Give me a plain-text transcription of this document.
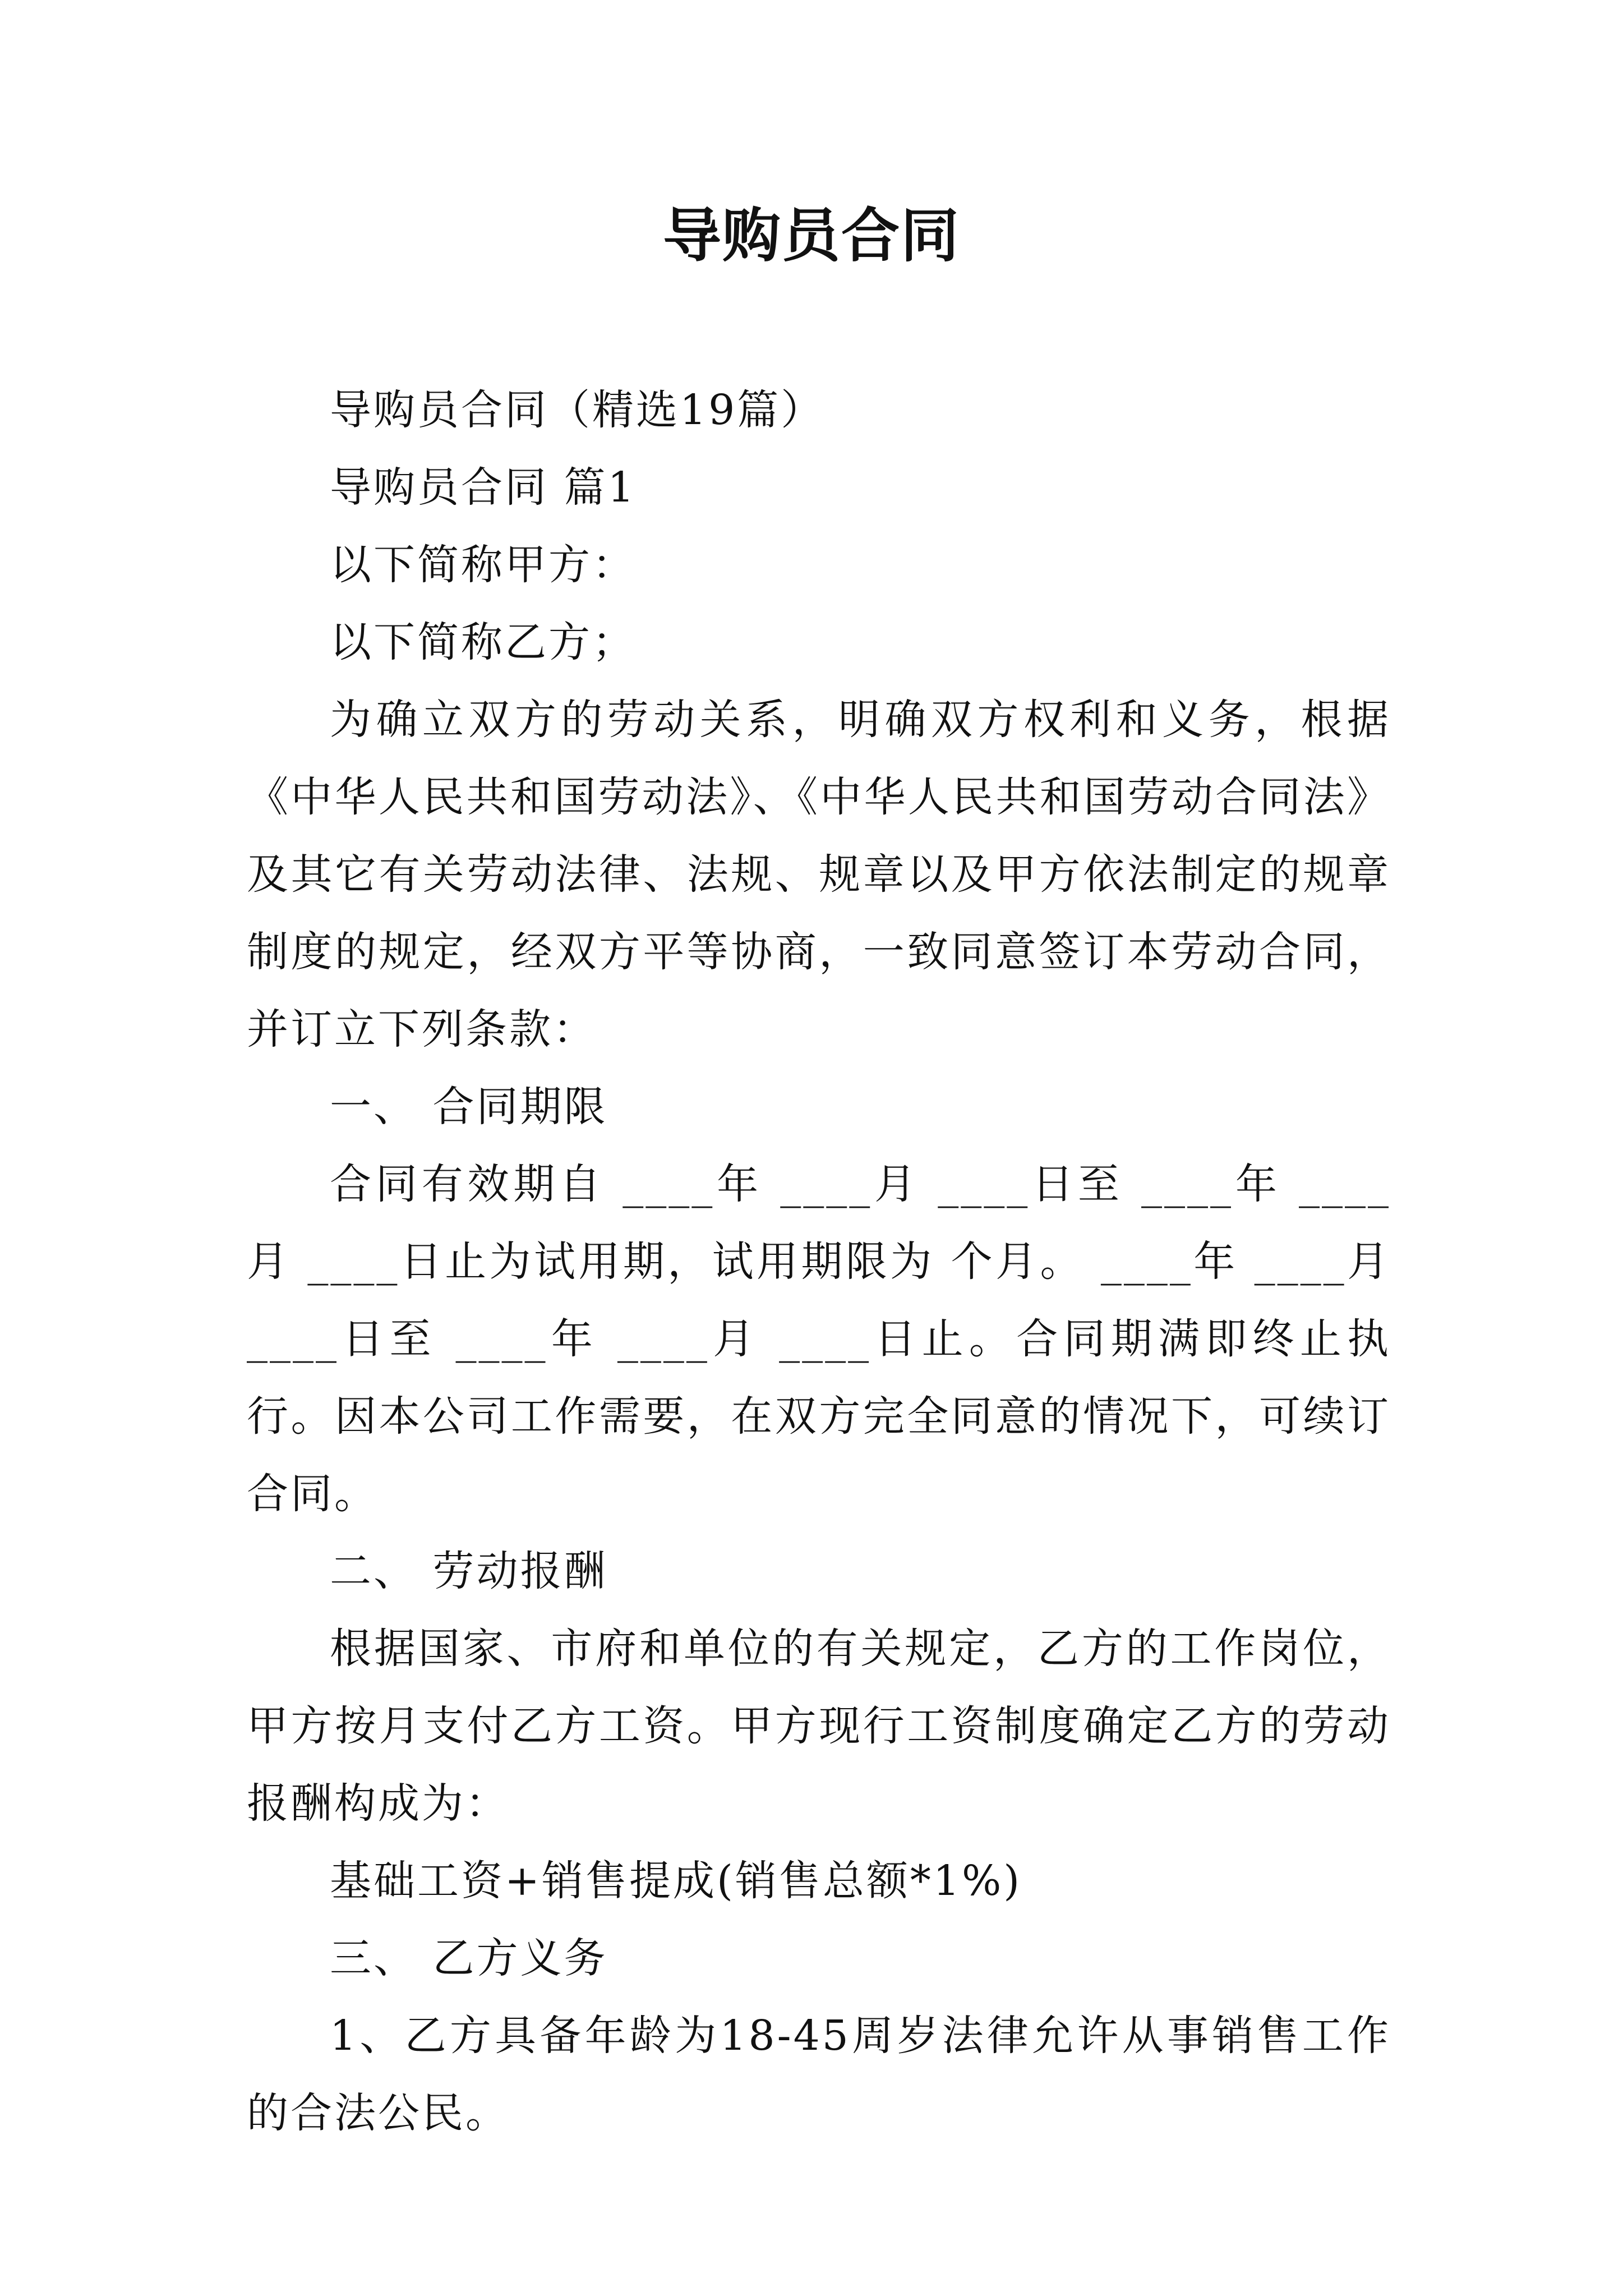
导购员合同

导购员合同（精选19篇）

导购员合同 篇1

以下简称甲方：

以下简称乙方；

为确立双方的劳动关系，明确双方权利和义务，根据《中华人民共和国劳动法》、《中华人民共和国劳动合同法》及其它有关劳动法律、法规、规章以及甲方依法制定的规章制度的规定，经双方平等协商，一致同意签订本劳动合同，并订立下列条款：

一、 合同期限

合同有效期自 ____年 ____月 ____日至 ____年 ____月 ____日止为试用期，试用期限为 个月。 ____年 ____月 ____日至 ____年 ____月 ____日止。合同期满即终止执行。因本公司工作需要，在双方完全同意的情况下，可续订合同。

二、 劳动报酬

根据国家、市府和单位的有关规定，乙方的工作岗位，甲方按月支付乙方工资。甲方现行工资制度确定乙方的劳动报酬构成为：

基础工资+销售提成(销售总额*1%)

三、 乙方义务

1、乙方具备年龄为18-45周岁法律允许从事销售工作的合法公民。
